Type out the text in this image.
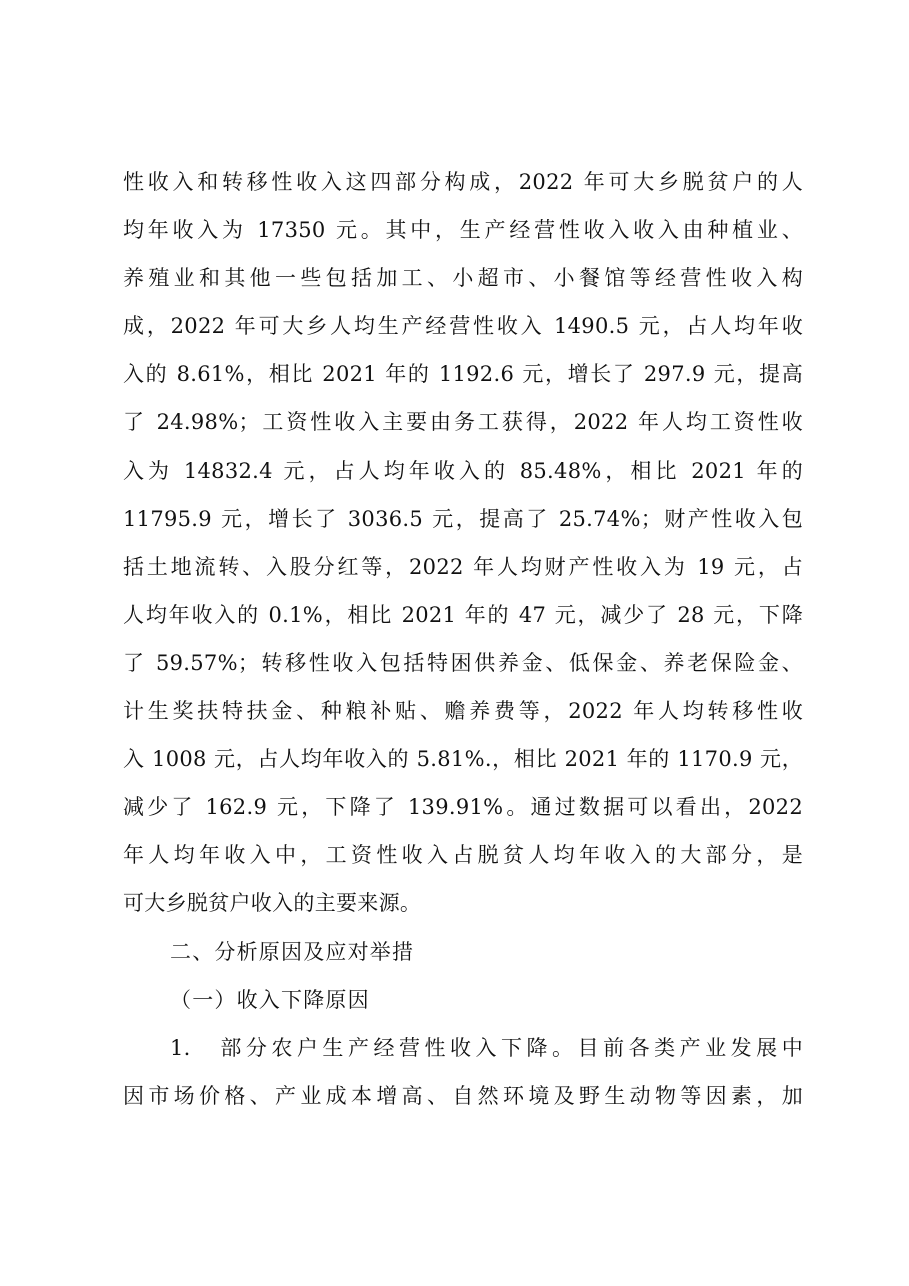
性收入和转移性收入这四部分构成，2022 年可大乡脱贫户的人
均年收入为 17350 元。其中，生产经营性收入收入由种植业、
养殖业和其他一些包括加工、小超市、小餐馆等经营性收入构
成，2022 年可大乡人均生产经营性收入 1490.5 元，占人均年收
入的 8.61%，相比 2021 年的 1192.6 元，增长了 297.9 元，提高
了 24.98%；工资性收入主要由务工获得，2022 年人均工资性收
入为 14832.4 元，占人均年收入的 85.48%，相比 2021 年的
11795.9 元，增长了 3036.5 元，提高了 25.74%；财产性收入包
括土地流转、入股分红等，2022 年人均财产性收入为 19 元，占
人均年收入的 0.1%，相比 2021 年的 47 元，减少了 28 元，下降
了 59.57%；转移性收入包括特困供养金、低保金、养老保险金、
计生奖扶特扶金、种粮补贴、赡养费等，2022 年人均转移性收
入 1008 元，占人均年收入的 5.81%.，相比 2021 年的 1170.9 元，
减少了 162.9 元，下降了 139.91%。通过数据可以看出，2022
年人均年收入中，工资性收入占脱贫人均年收入的大部分，是
可大乡脱贫户收入的主要来源。
二、分析原因及应对举措
（一）收入下降原因
1.　部分农户生产经营性收入下降。目前各类产业发展中
因市场价格、产业成本增高、自然环境及野生动物等因素，加
